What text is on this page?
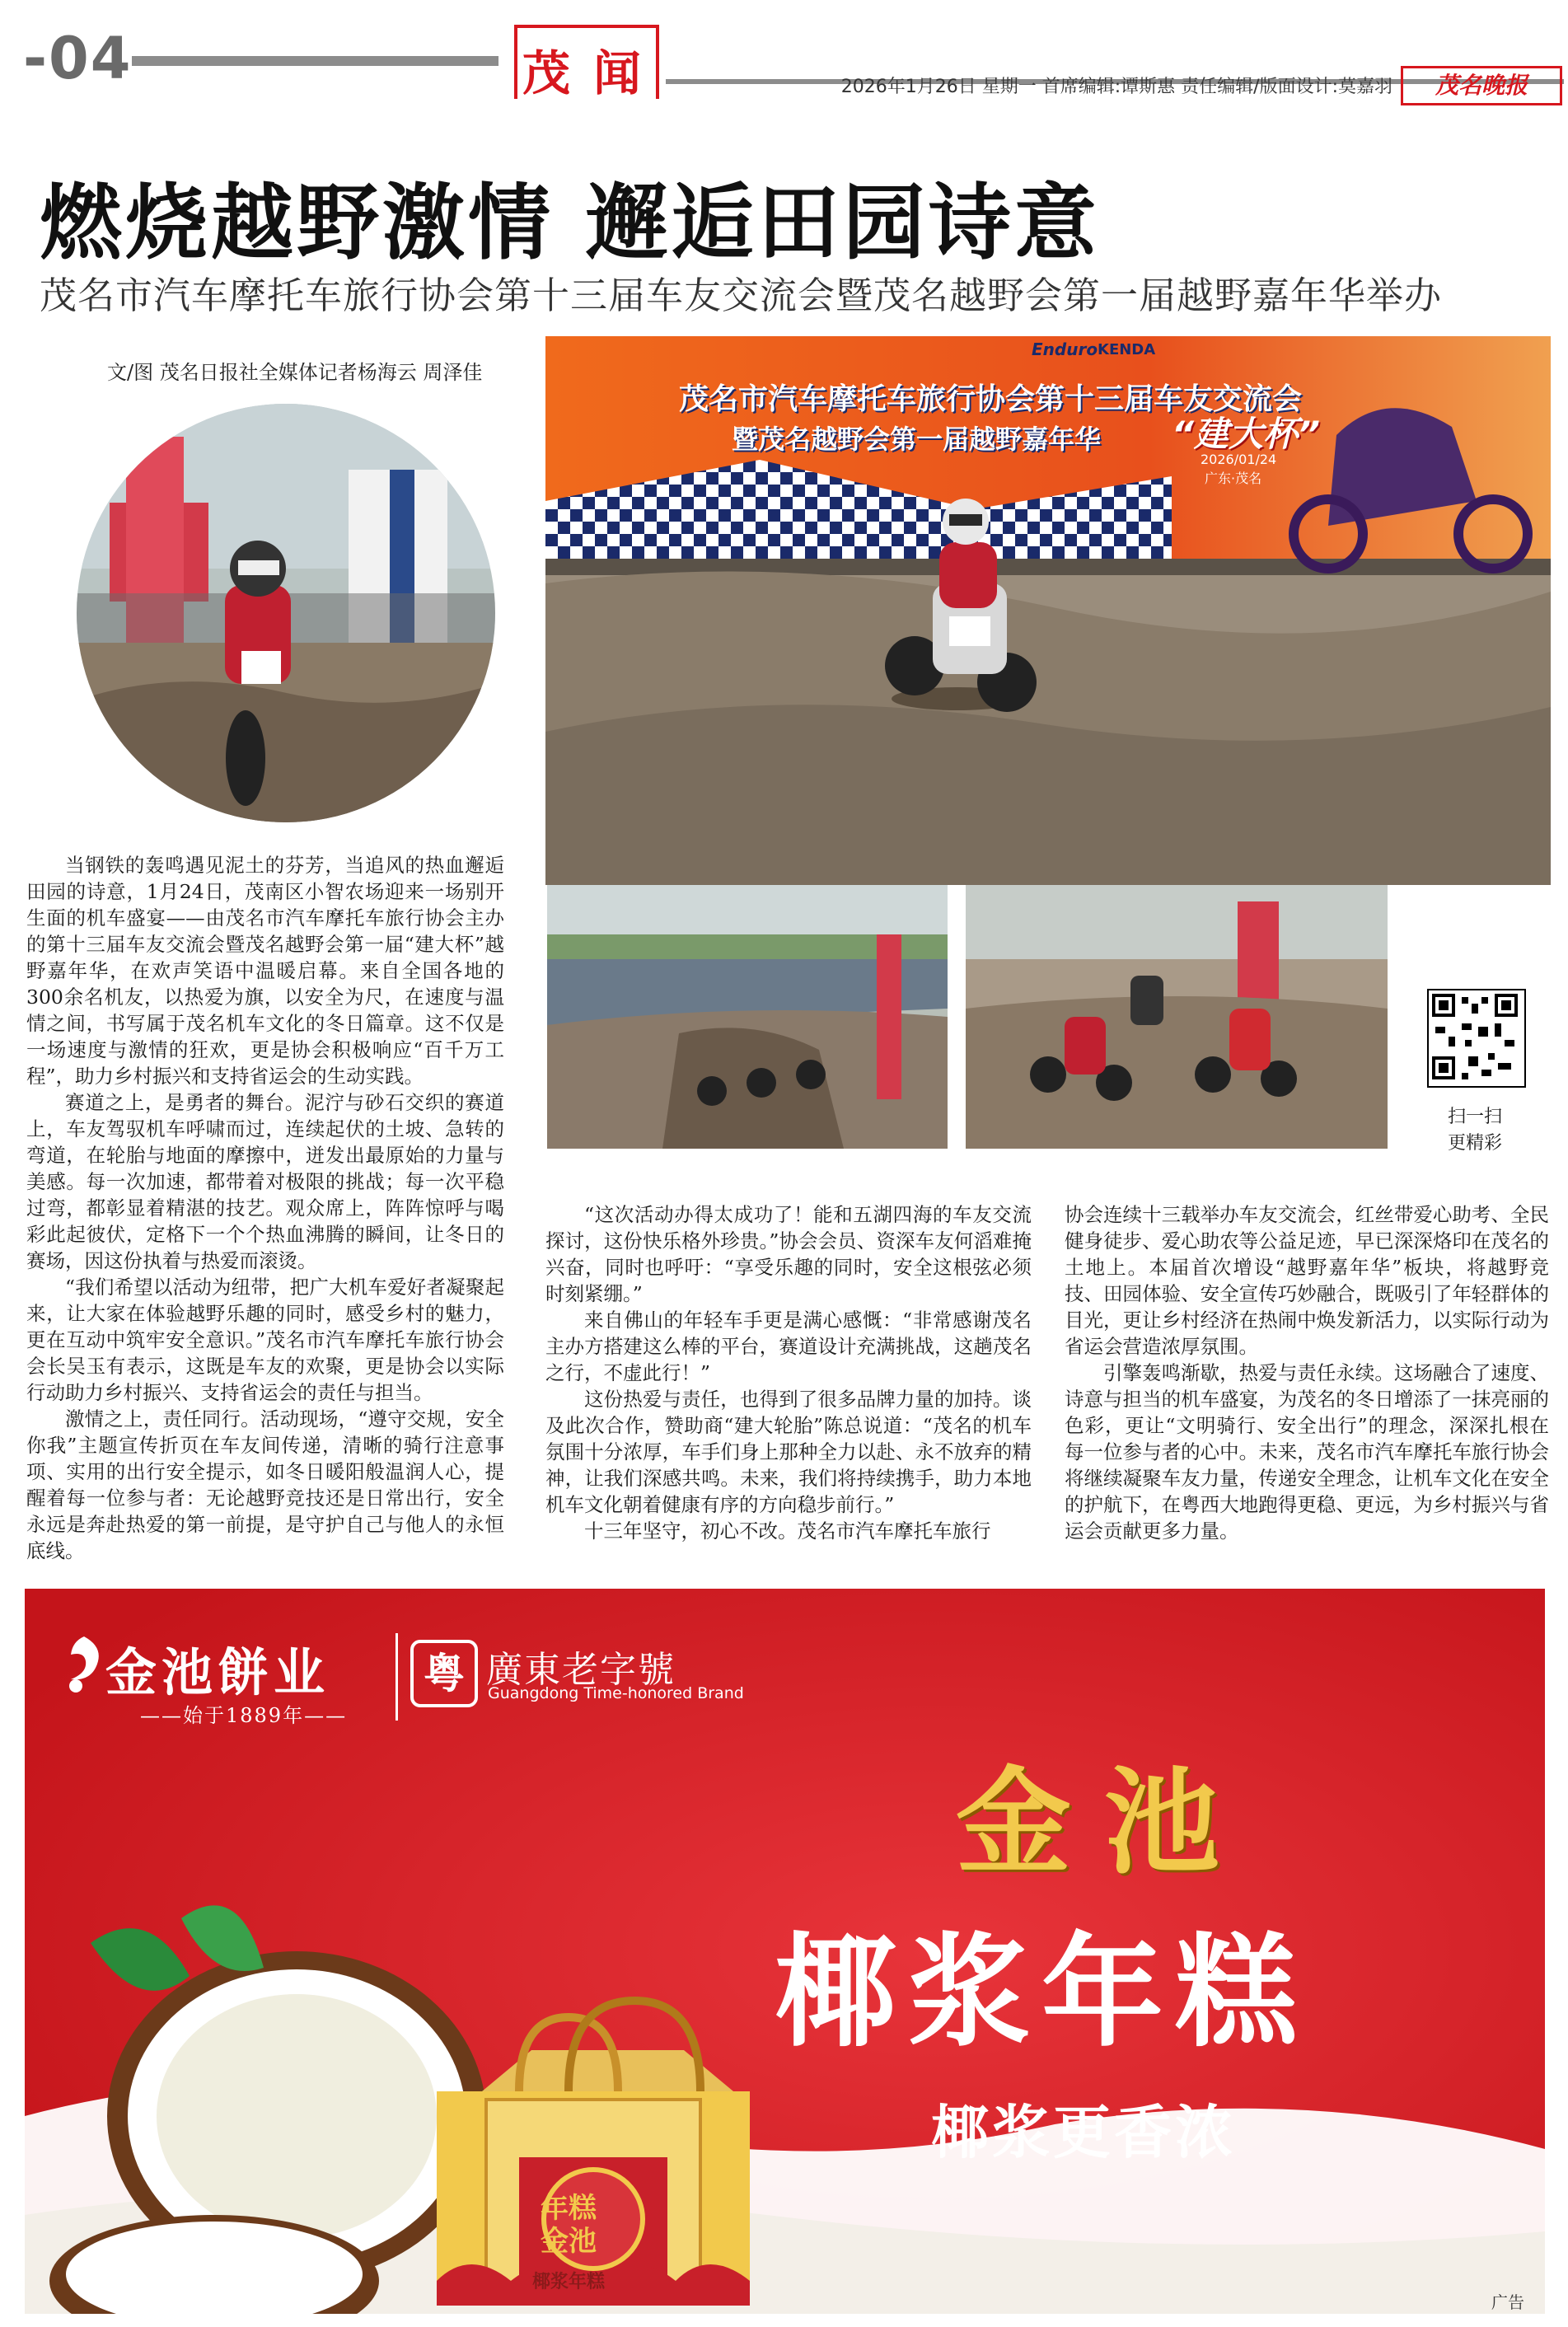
-04	茂 闻	2026年1月26日 星期一 首席编辑:谭斯惠 责任编辑/版面设计:莫嘉羽	茂名晚报
燃烧越野激情 邂逅田园诗意
茂名市汽车摩托车旅行协会第十三届车友交流会暨茂名越野会第一届越野嘉年华举办
文/图 茂名日报社全媒体记者杨海云 周泽佳
茂名市汽车摩托车旅行协会第十三届车友交流会
暨茂名越野会第一届越野嘉年华	“建大杯”
2026/01/24
广东·茂名
Enduro KENDA
扫一扫
更精彩

当钢铁的轰鸣遇见泥土的芬芳，当追风的热血邂逅田园的诗意，1月24日，茂南区小智农场迎来一场别开生面的机车盛宴——由茂名市汽车摩托车旅行协会主办的第十三届车友交流会暨茂名越野会第一届“建大杯”越野嘉年华，在欢声笑语中温暖启幕。来自全国各地的300余名机友，以热爱为旗，以安全为尺，在速度与温情之间，书写属于茂名机车文化的冬日篇章。这不仅是一场速度与激情的狂欢，更是协会积极响应“百千万工程”，助力乡村振兴和支持省运会的生动实践。

赛道之上，是勇者的舞台。泥泞与砂石交织的赛道上，车友驾驭机车呼啸而过，连续起伏的土坡、急转的弯道，在轮胎与地面的摩擦中，迸发出最原始的力量与美感。每一次加速，都带着对极限的挑战；每一次平稳过弯，都彰显着精湛的技艺。观众席上，阵阵惊呼与喝彩此起彼伏，定格下一个个热血沸腾的瞬间，让冬日的赛场，因这份执着与热爱而滚烫。

“我们希望以活动为纽带，把广大机车爱好者凝聚起来，让大家在体验越野乐趣的同时，感受乡村的魅力，更在互动中筑牢安全意识。”茂名市汽车摩托车旅行协会会长吴玉有表示，这既是车友的欢聚，更是协会以实际行动助力乡村振兴、支持省运会的责任与担当。

激情之上，责任同行。活动现场，“遵守交规，安全你我”主题宣传折页在车友间传递，清晰的骑行注意事项、实用的出行安全提示，如冬日暖阳般温润人心，提醒着每一位参与者：无论越野竞技还是日常出行，安全永远是奔赴热爱的第一前提，是守护自己与他人的永恒底线。

“这次活动办得太成功了！能和五湖四海的车友交流探讨，这份快乐格外珍贵。”协会会员、资深车友何滔难掩兴奋，同时也呼吁：“享受乐趣的同时，安全这根弦必须时刻紧绷。”

来自佛山的年轻车手更是满心感慨：“非常感谢茂名主办方搭建这么棒的平台，赛道设计充满挑战，这趟茂名之行，不虚此行！”

这份热爱与责任，也得到了很多品牌力量的加持。谈及此次合作，赞助商“建大轮胎”陈总说道：“茂名的机车氛围十分浓厚，车手们身上那种全力以赴、永不放弃的精神，让我们深感共鸣。未来，我们将持续携手，助力本地机车文化朝着健康有序的方向稳步前行。”

十三年坚守，初心不改。茂名市汽车摩托车旅行

协会连续十三载举办车友交流会，红丝带爱心助考、全民健身徒步、爱心助农等公益足迹，早已深深烙印在茂名的土地上。本届首次增设“越野嘉年华”板块，将越野竞技、田园体验、安全宣传巧妙融合，既吸引了年轻群体的目光，更让乡村经济在热闹中焕发新活力，以实际行动为省运会营造浓厚氛围。

引擎轰鸣渐歇，热爱与责任永续。这场融合了速度、诗意与担当的机车盛宴，为茂名的冬日增添了一抹亮丽的色彩，更让“文明骑行、安全出行”的理念，深深扎根在每一位参与者的心中。未来，茂名市汽车摩托车旅行协会将继续凝聚车友力量，传递安全理念，让机车文化在安全的护航下，在粤西大地跑得更稳、更远，为乡村振兴与省运会贡献更多力量。

金池餅业
——始于1889年——
粤 廣東老字號
Guangdong Time-honored Brand
金池
椰浆年糕
椰浆更香浓
年糕
金池
椰浆年糕
广告
